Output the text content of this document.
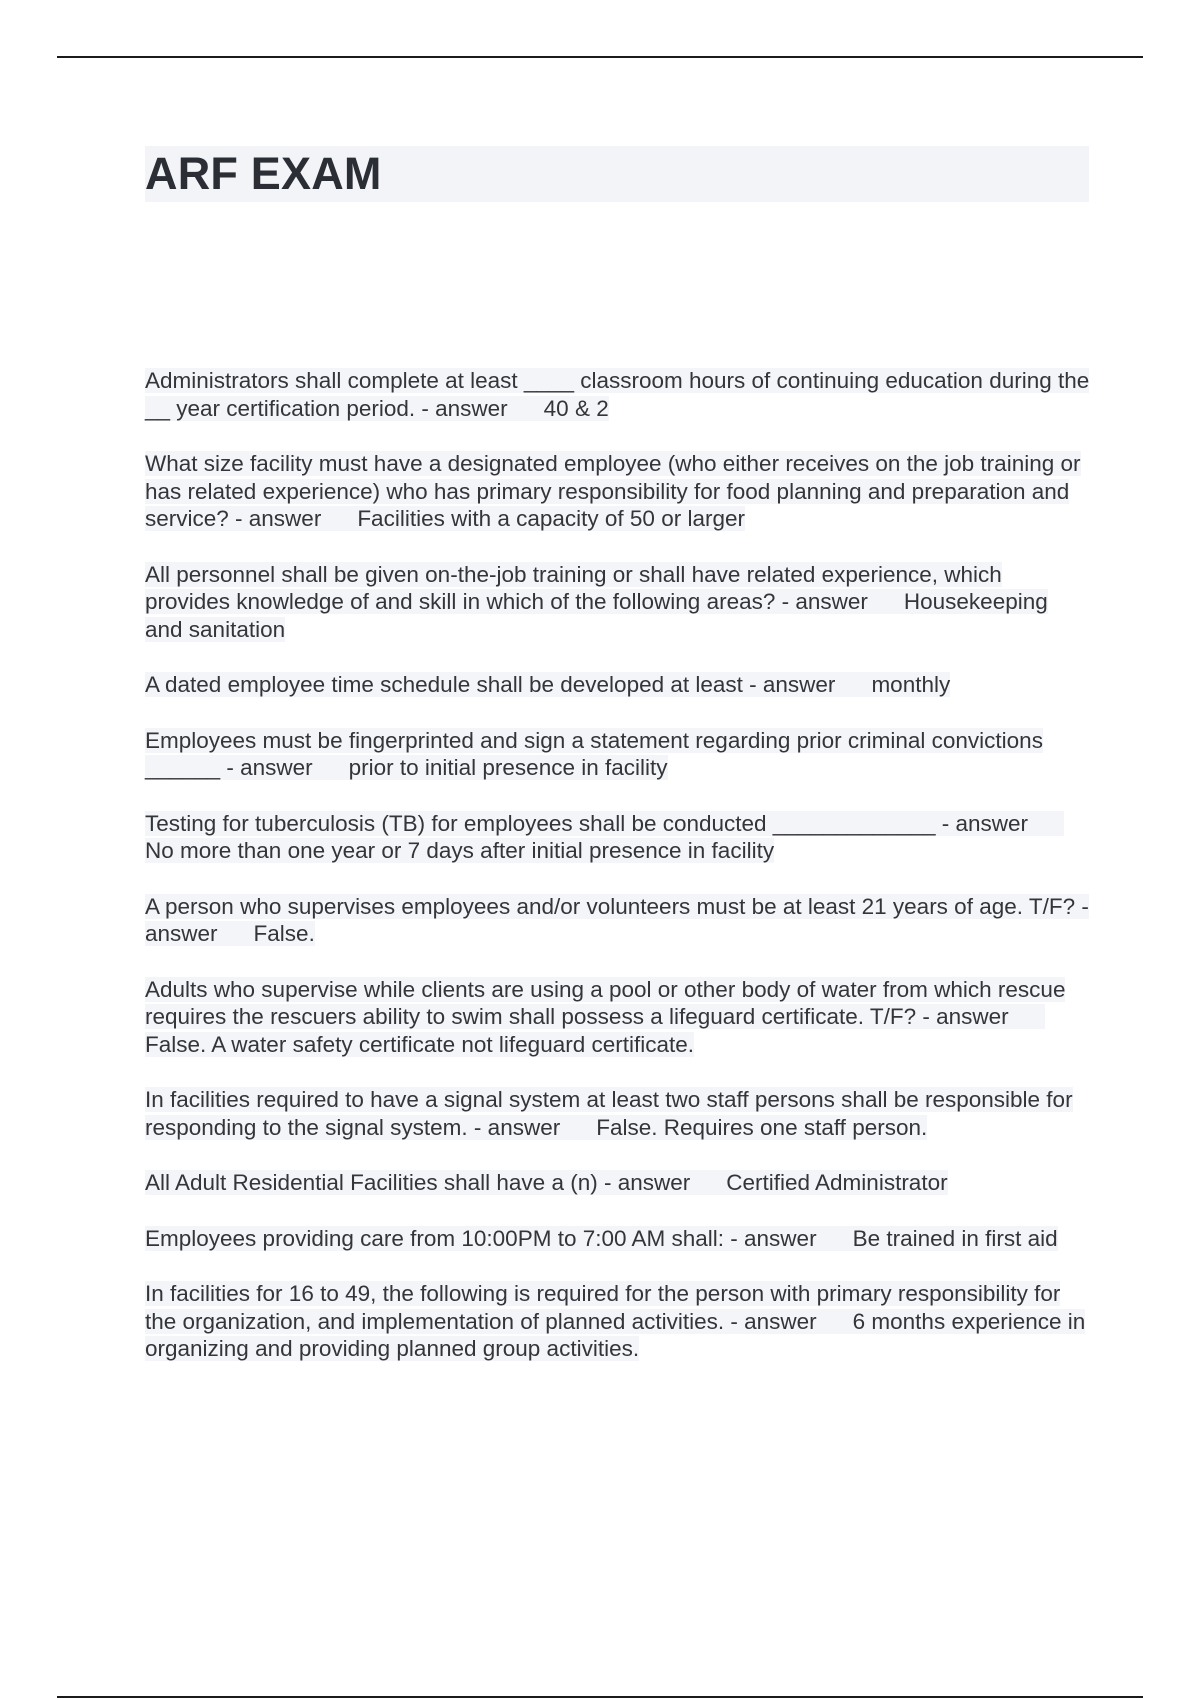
ARF EXAM
Administrators shall complete at least ____ classroom hours of continuing education during the __ year certification period. - answer 40 & 2
What size facility must have a designated employee (who either receives on the job training or has related experience) who has primary responsibility for food planning and preparation and service? - answer Facilities with a capacity of 50 or larger
All personnel shall be given on-the-job training or shall have related experience, which provides knowledge of and skill in which of the following areas? - answer Housekeeping and sanitation
A dated employee time schedule shall be developed at least - answer monthly
Employees must be fingerprinted and sign a statement regarding prior criminal convictions ______ - answer prior to initial presence in facility
Testing for tuberculosis (TB) for employees shall be conducted _____________ - answerNo more than one year or 7 days after initial presence in facility
A person who supervises employees and/or volunteers must be at least 21 years of age. T/F? - answer False.
Adults who supervise while clients are using a pool or other body of water from which rescue requires the rescuers ability to swim shall possess a lifeguard certificate. T/F? - answerFalse. A water safety certificate not lifeguard certificate.
In facilities required to have a signal system at least two staff persons shall be responsible for responding to the signal system. - answer False. Requires one staff person.
All Adult Residential Facilities shall have a (n) - answer Certified Administrator
Employees providing care from 10:00PM to 7:00 AM shall: - answer Be trained in first aid
In facilities for 16 to 49, the following is required for the person with primary responsibility for the organization, and implementation of planned activities. - answer 6 months experience in organizing and providing planned group activities.
